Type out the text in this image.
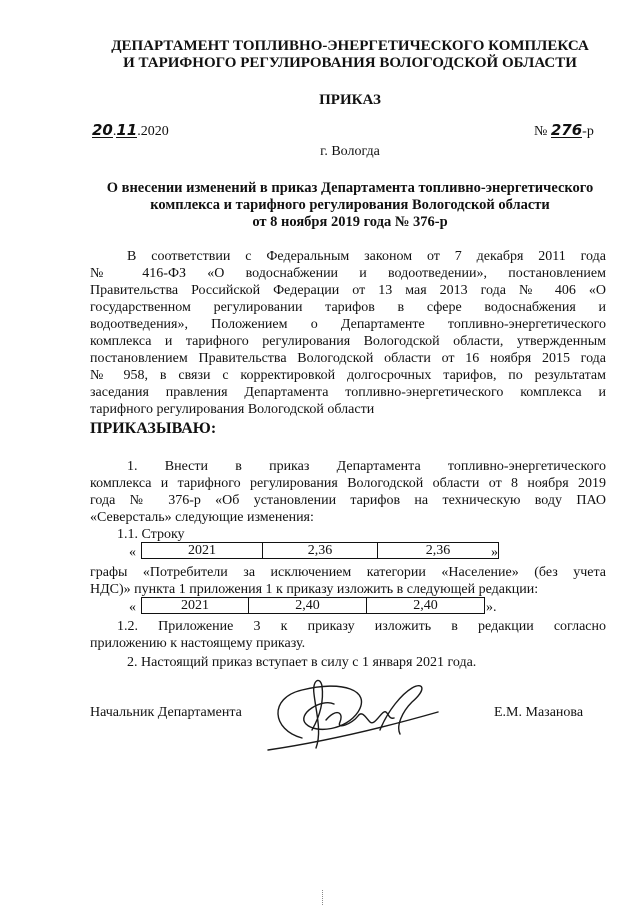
ДЕПАРТАМЕНТ ТОПЛИВНО-ЭНЕРГЕТИЧЕСКОГО КОМПЛЕКСА
И ТАРИФНОГО РЕГУЛИРОВАНИЯ ВОЛОГОДСКОЙ ОБЛАСТИ
ПРИКАЗ
20.11.2020	№ 276-р
г. Вологда
О внесении изменений в приказ Департамента топливно-энергетического
комплекса и тарифного регулирования Вологодской области
от 8 ноября 2019 года № 376-р
В соответствии с Федеральным законом от 7 декабря 2011 года
№ 416-ФЗ «О водоснабжении и водоотведении», постановлением
Правительства Российской Федерации от 13 мая 2013 года № 406 «О
государственном регулировании тарифов в сфере водоснабжения и
водоотведения», Положением о Департаменте топливно-энергетического
комплекса и тарифного регулирования Вологодской области, утвержденным
постановлением Правительства Вологодской области от 16 ноября 2015 года
№ 958, в связи с корректировкой долгосрочных тарифов, по результатам
заседания правления Департамента топливно-энергетического комплекса и
тарифного регулирования Вологодской области
ПРИКАЗЫВАЮ:
1. Внести в приказ Департамента топливно-энергетического
комплекса и тарифного регулирования Вологодской области от 8 ноября 2019
года № 376-р «Об установлении тарифов на техническую воду ПАО
«Северсталь» следующие изменения:
1.1. Строку
«	2021	2,36	2,36	»
графы «Потребители за исключением категории «Население» (без учета
НДС)» пункта 1 приложения 1 к приказу изложить в следующей редакции:
«	2021	2,40	2,40	».
1.2. Приложение 3 к приказу изложить в редакции согласно
приложению к настоящему приказу.
2. Настоящий приказ вступает в силу с 1 января 2021 года.
Начальник Департамента	Е.М. Мазанова
